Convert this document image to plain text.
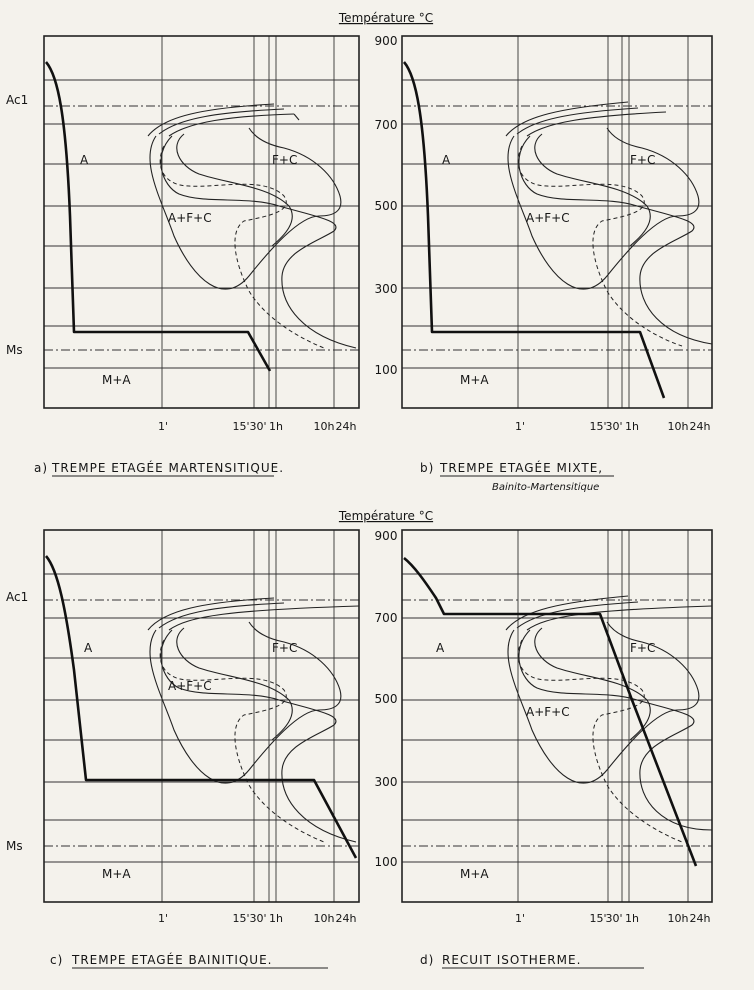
Température °C
Température °C
900
700
500
300
100
900
700
500
300
100
Ac1
Ms
Ac1
Ms
A	F+C
A+F+C
M+A
1'	15' 30' 1h	10h 24h
A	F+C
A+F+C
M+A
1'	15'
30' 1h	10h 24h
A	F+C
A+F+C
M+A
1'	15' 30' 1h	10h 24h
A	F+C
A+F+C
M+A
1'	15'
30' 1h	10h 24h
a) TREMPE ETAGÉE MARTENSITIQUE.	b) TREMPE ETAGÉE MIXTE,
Bainito-Martensitique
c) TREMPE ETAGÉE BAINITIQUE.	d) RECUIT ISOTHERME.
